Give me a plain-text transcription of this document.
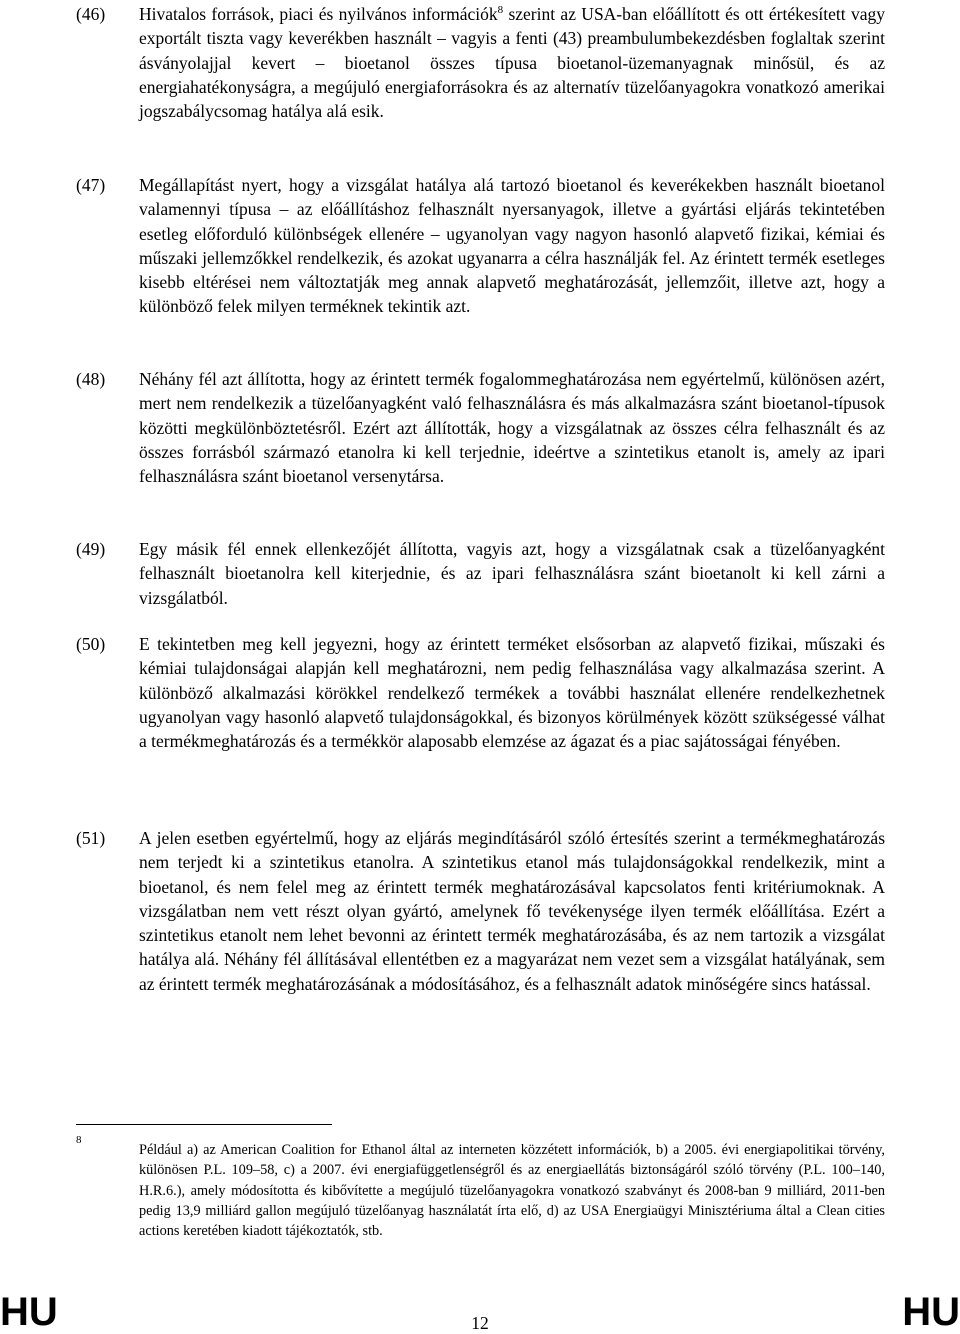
(46) Hivatalos források, piaci és nyilvános információk$^8$ szerint az USA-ban előállított és ott értékesített vagy exportált tiszta vagy keverékben használt – vagyis a fenti (43) preambulumbekezdésben foglaltak szerint ásványolajjal kevert – bioetanol összes típusa bioetanol-üzemanyagnak minősül, és az energiahatékonyságra, a megújuló energiaforrásokra és az alternatív tüzelőanyagokra vonatkozó amerikai jogszabálycsomag hatálya alá esik.
(47) Megállapítást nyert, hogy a vizsgálat hatálya alá tartozó bioetanol és keverékekben használt bioetanol valamennyi típusa – az előállításhoz felhasznált nyersanyagok, illetve a gyártási eljárás tekintetében esetleg előforduló különbségek ellenére – ugyanolyan vagy nagyon hasonló alapvető fizikai, kémiai és műszaki jellemzőkkel rendelkezik, és azokat ugyanarra a célra használják fel. Az érintett termék esetleges kisebb eltérései nem változtatják meg annak alapvető meghatározását, jellemzőit, illetve azt, hogy a különböző felek milyen terméknek tekintik azt.
(48) Néhány fél azt állította, hogy az érintett termék fogalommeghatározása nem egyértelmű, különösen azért, mert nem rendelkezik a tüzelőanyagként való felhasználásra és más alkalmazásra szánt bioetanol-típusok közötti megkülönböztetésről. Ezért azt állították, hogy a vizsgálatnak az összes célra felhasznált és az összes forrásból származó etanolra ki kell terjednie, ideértve a szintetikus etanolt is, amely az ipari felhasználásra szánt bioetanol versenytársa.
(49) Egy másik fél ennek ellenkezőjét állította, vagyis azt, hogy a vizsgálatnak csak a tüzelőanyagként felhasznált bioetanolra kell kiterjednie, és az ipari felhasználásra szánt bioetanolt ki kell zárni a vizsgálatból.
(50) E tekintetben meg kell jegyezni, hogy az érintett terméket elsősorban az alapvető fizikai, műszaki és kémiai tulajdonságai alapján kell meghatározni, nem pedig felhasználása vagy alkalmazása szerint. A különböző alkalmazási körökkel rendelkező termékek a további használat ellenére rendelkezhetnek ugyanolyan vagy hasonló alapvető tulajdonságokkal, és bizonyos körülmények között szükségessé válhat a termékmeghatározás és a termékkör alaposabb elemzése az ágazat és a piac sajátosságai fényében.
(51) A jelen esetben egyértelmű, hogy az eljárás megindításáról szóló értesítés szerint a termékmeghatározás nem terjedt ki a szintetikus etanolra. A szintetikus etanol más tulajdonságokkal rendelkezik, mint a bioetanol, és nem felel meg az érintett termék meghatározásával kapcsolatos fenti kritériumoknak. A vizsgálatban nem vett részt olyan gyártó, amelynek fő tevékenysége ilyen termék előállítása. Ezért a szintetikus etanolt nem lehet bevonni az érintett termék meghatározásába, és az nem tartozik a vizsgálat hatálya alá. Néhány fél állításával ellentétben ez a magyarázat nem vezet sem a vizsgálat hatályának, sem az érintett termék meghatározásának a módosításához, és a felhasznált adatok minőségére sincs hatással.
8
Például a) az American Coalition for Ethanol által az interneten közzétett információk, b) a 2005. évi energiapolitikai törvény, különösen P.L. 109–58, c) a 2007. évi energiafüggetlenségről és az energiaellátás biztonságáról szóló törvény (P.L. 100–140, H.R.6.), amely módosította és kibővítette a megújuló tüzelőanyagokra vonatkozó szabványt és 2008-ban 9 milliárd, 2011-ben pedig 13,9 milliárd gallon megújuló tüzelőanyag használatát írta elő, d) az USA Energiaügyi Minisztériuma által a Clean cities actions keretében kiadott tájékoztatók, stb.
HU	12	HU
